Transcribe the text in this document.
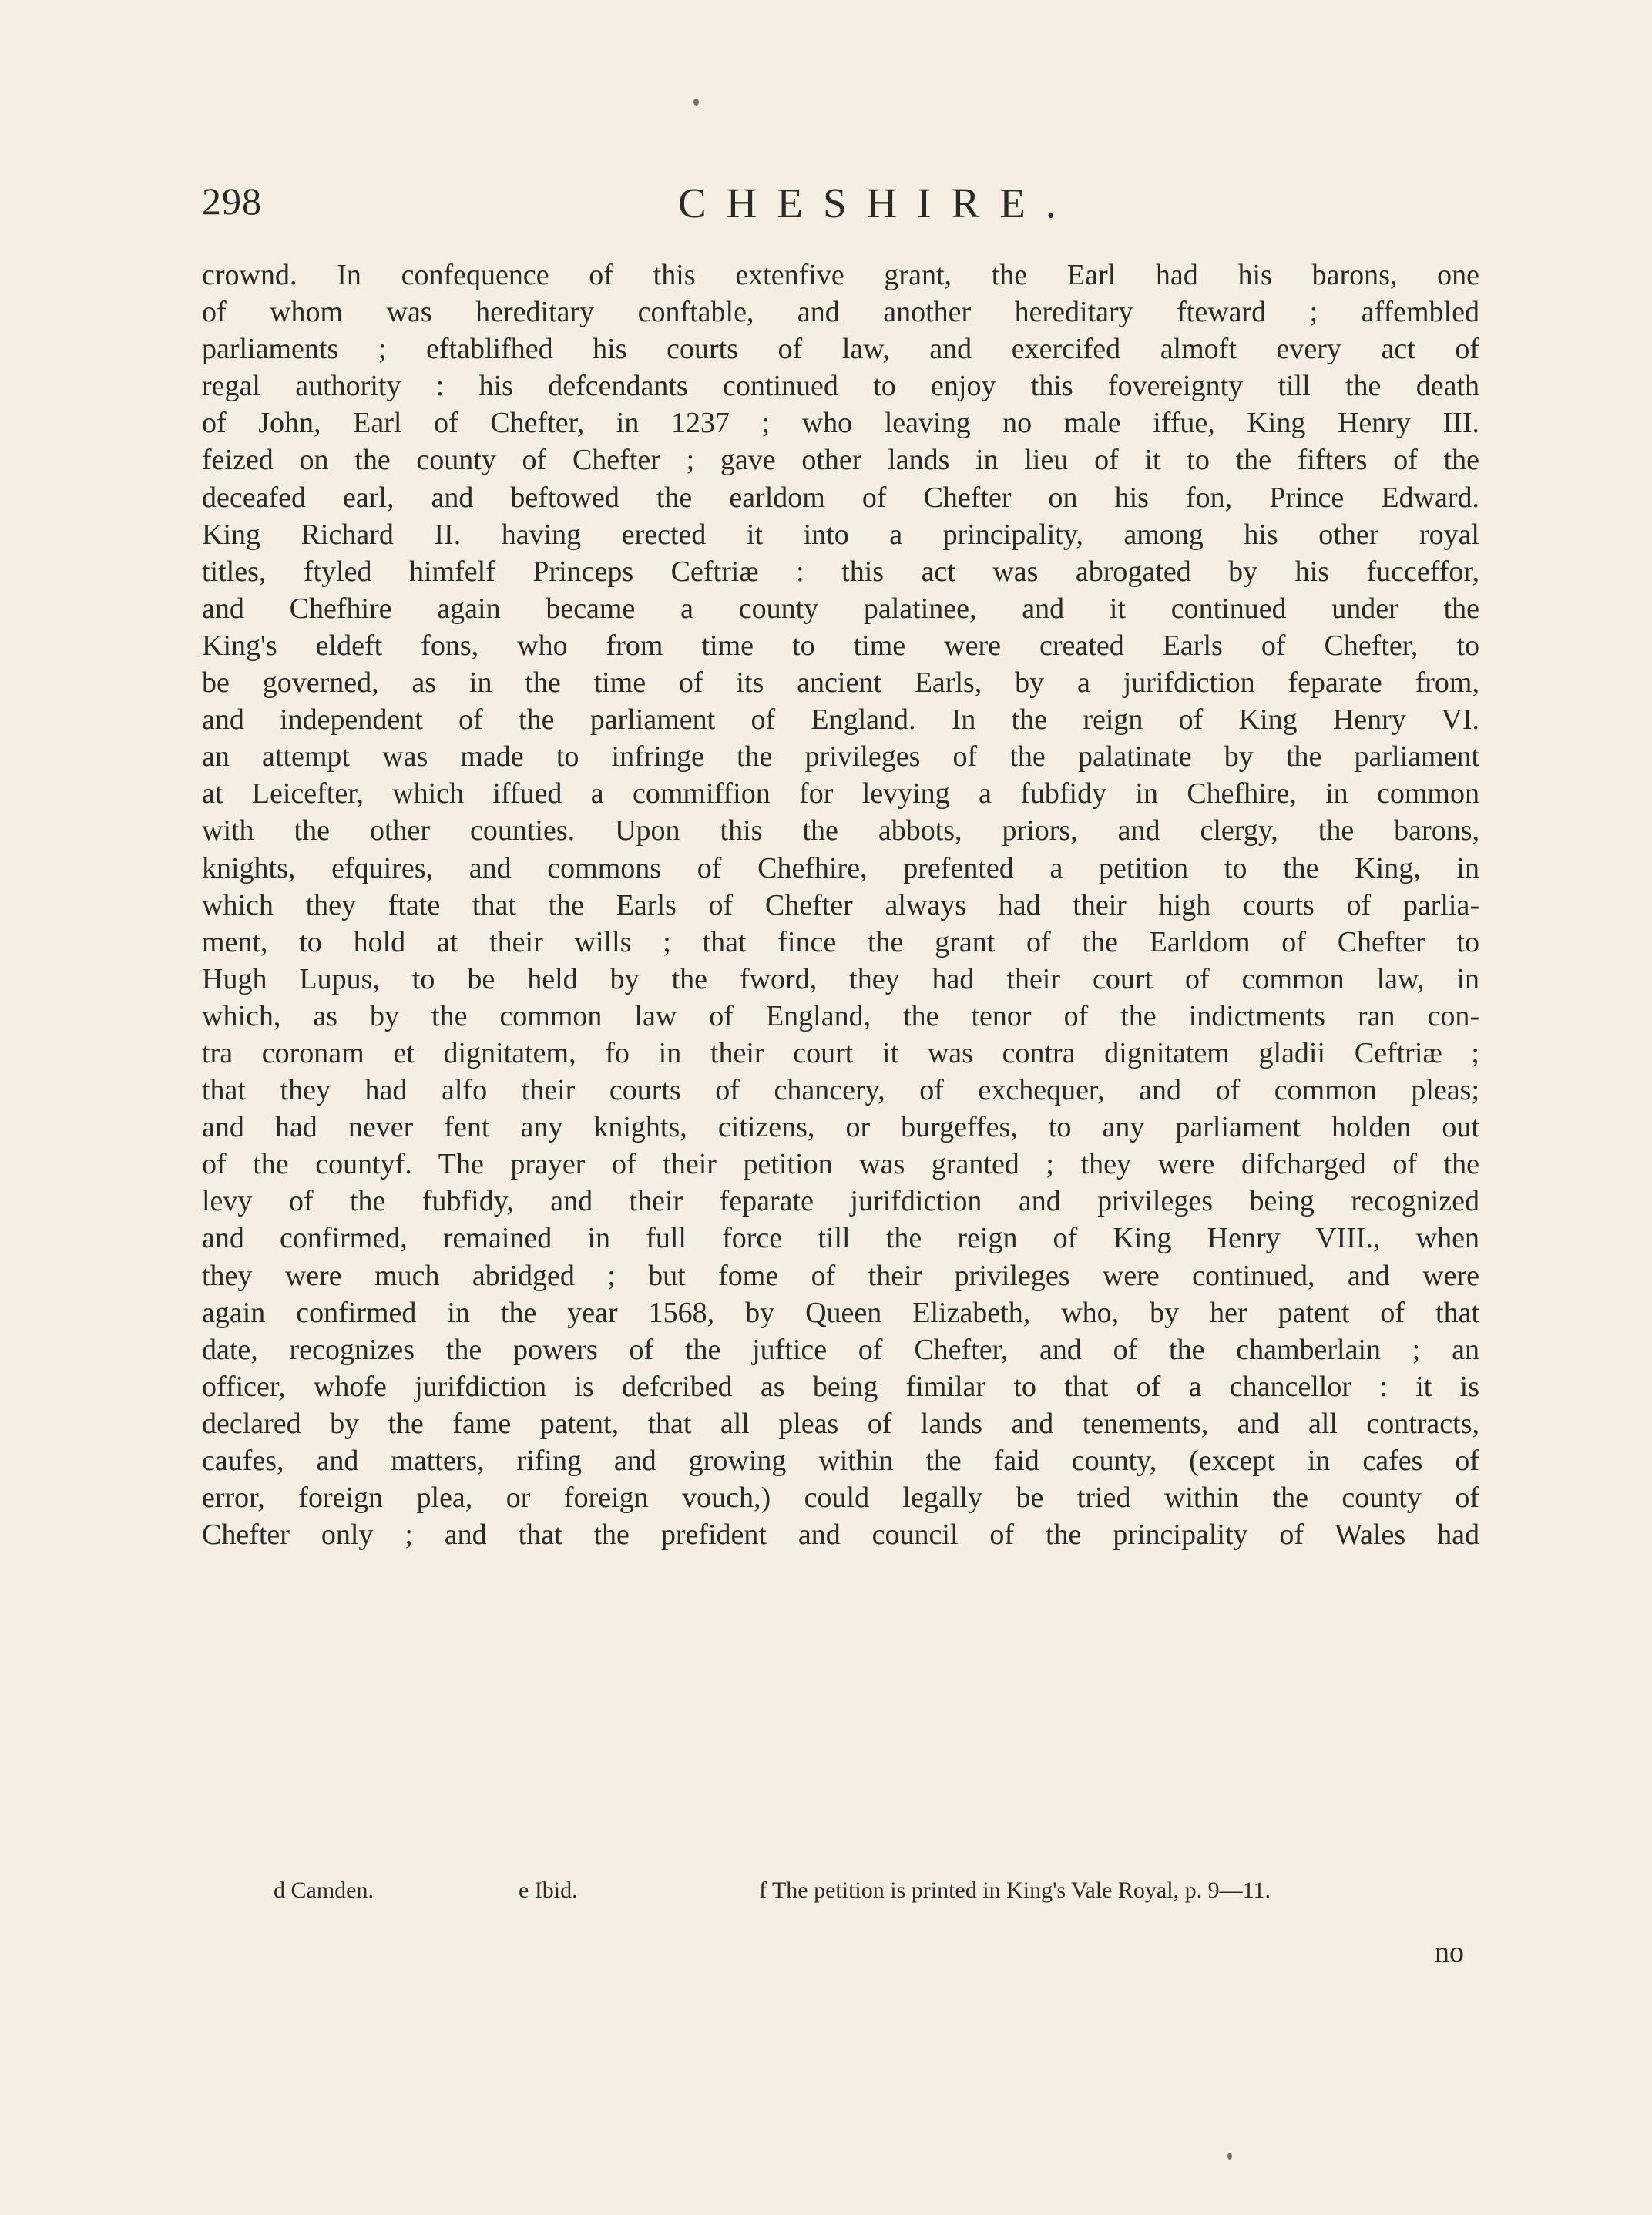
298	CHESHIRE.
crownd. In confequence of this extenfive grant, the Earl had his barons, one
of whom was hereditary conftable, and another hereditary fteward ; affembled
parliaments ; eftablifhed his courts of law, and exercifed almoft every act of
regal authority : his defcendants continued to enjoy this fovereignty till the death
of John, Earl of Chefter, in 1237 ; who leaving no male iffue, King Henry III.
feized on the county of Chefter ; gave other lands in lieu of it to the fifters of the
deceafed earl, and beftowed the earldom of Chefter on his fon, Prince Edward.
King Richard II. having erected it into a principality, among his other royal
titles, ftyled himfelf Princeps Ceftriæ : this act was abrogated by his fucceffor,
and Chefhire again became a county palatinee, and it continued under the
King's eldeft fons, who from time to time were created Earls of Chefter, to
be governed, as in the time of its ancient Earls, by a jurifdiction feparate from,
and independent of the parliament of England. In the reign of King Henry VI.
an attempt was made to infringe the privileges of the palatinate by the parliament
at Leicefter, which iffued a commiffion for levying a fubfidy in Chefhire, in common
with the other counties. Upon this the abbots, priors, and clergy, the barons,
knights, efquires, and commons of Chefhire, prefented a petition to the King, in
which they ftate that the Earls of Chefter always had their high courts of parlia-
ment, to hold at their wills ; that fince the grant of the Earldom of Chefter to
Hugh Lupus, to be held by the fword, they had their court of common law, in
which, as by the common law of England, the tenor of the indictments ran con-
tra coronam et dignitatem, fo in their court it was contra dignitatem gladii Ceftriæ ;
that they had alfo their courts of chancery, of exchequer, and of common pleas;
and had never fent any knights, citizens, or burgeffes, to any parliament holden out
of the countyf. The prayer of their petition was granted ; they were difcharged of the
levy of the fubfidy, and their feparate jurifdiction and privileges being recognized
and confirmed, remained in full force till the reign of King Henry VIII., when
they were much abridged ; but fome of their privileges were continued, and were
again confirmed in the year 1568, by Queen Elizabeth, who, by her patent of that
date, recognizes the powers of the juftice of Chefter, and of the chamberlain ; an
officer, whofe jurifdiction is defcribed as being fimilar to that of a chancellor : it is
declared by the fame patent, that all pleas of lands and tenements, and all contracts,
caufes, and matters, rifing and growing within the faid county, (except in cafes of
error, foreign plea, or foreign vouch,) could legally be tried within the county of
Chefter only ; and that the prefident and council of the principality of Wales had
d Camden.	e Ibid.	f The petition is printed in King's Vale Royal, p. 9—11.
no
